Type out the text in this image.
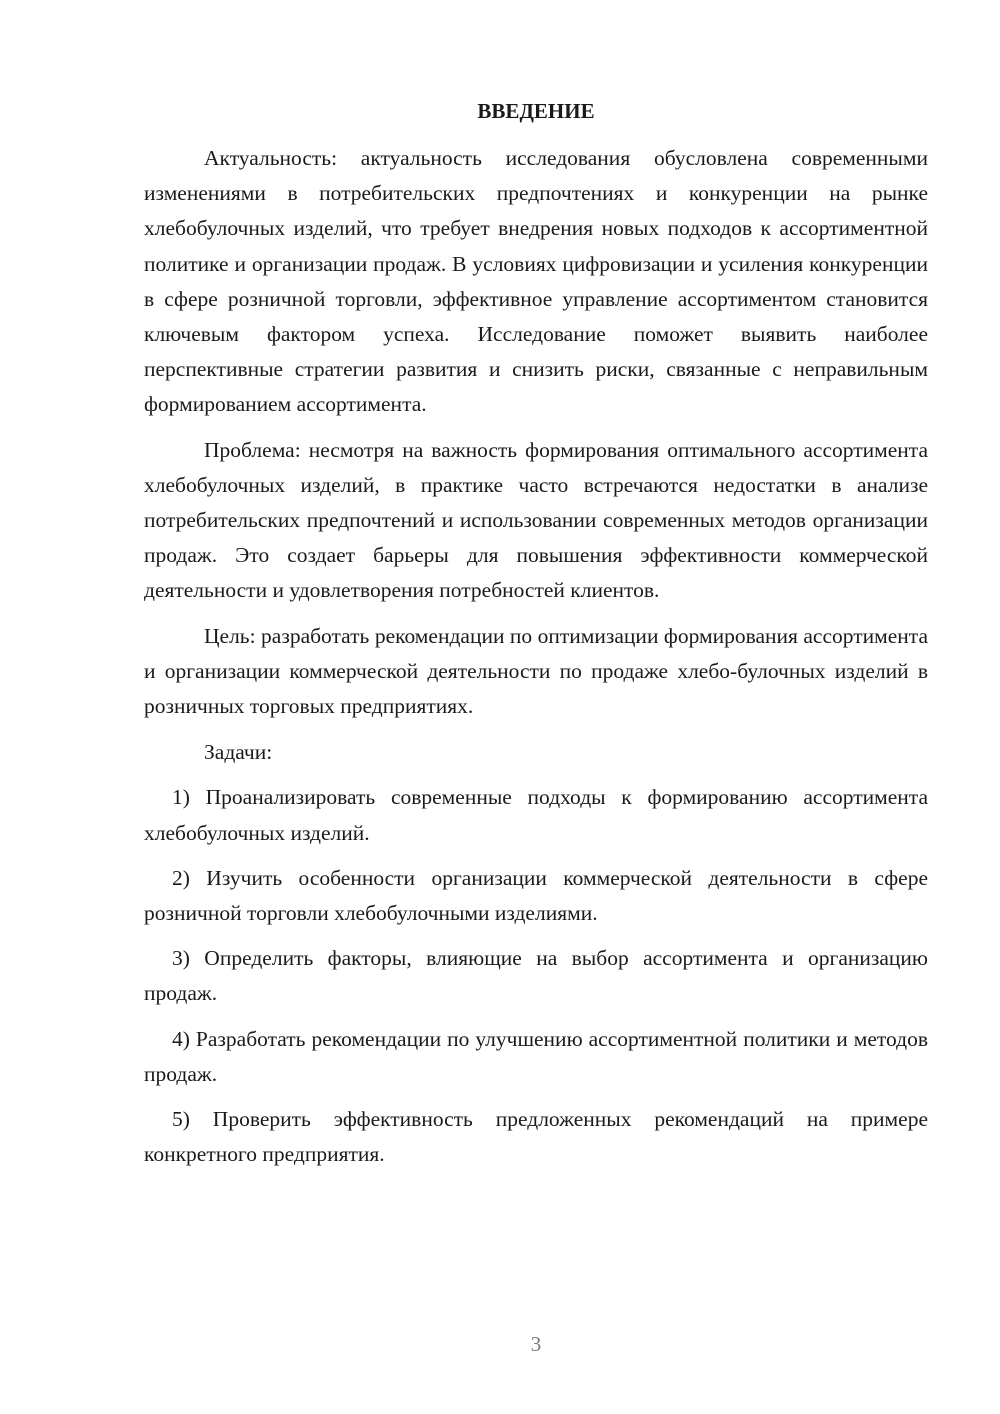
ВВЕДЕНИЕ

Актуальность: актуальность исследования обусловлена современными изменениями в потребительских предпочтениях и конкуренции на рынке хлебобулочных изделий, что требует внедрения новых подходов к ассортиментной политике и организации продаж. В условиях цифровизации и усиления конкуренции в сфере розничной торговли, эффективное управление ассортиментом становится ключевым фактором успеха. Исследование поможет выявить наиболее перспективные стратегии развития и снизить риски, связанные с неправильным формированием ассортимента.

Проблема: несмотря на важность формирования оптимального ассортимента хлебобулочных изделий, в практике часто встречаются недостатки в анализе потребительских предпочтений и использовании современных методов организации продаж. Это создает барьеры для повышения эффективности коммерческой деятельности и удовлетворения потребностей клиентов.

Цель: разработать рекомендации по оптимизации формирования ассортимента и организации коммерческой деятельности по продаже хлебо-булочных изделий в розничных торговых предприятиях.

Задачи:

1) Проанализировать современные подходы к формированию ассортимента хлебобулочных изделий.

2) Изучить особенности организации коммерческой деятельности в сфере розничной торговли хлебобулочными изделиями.

3) Определить факторы, влияющие на выбор ассортимента и организацию продаж.

4) Разработать рекомендации по улучшению ассортиментной политики и методов продаж.

5) Проверить эффективность предложенных рекомендаций на примере конкретного предприятия.

3
